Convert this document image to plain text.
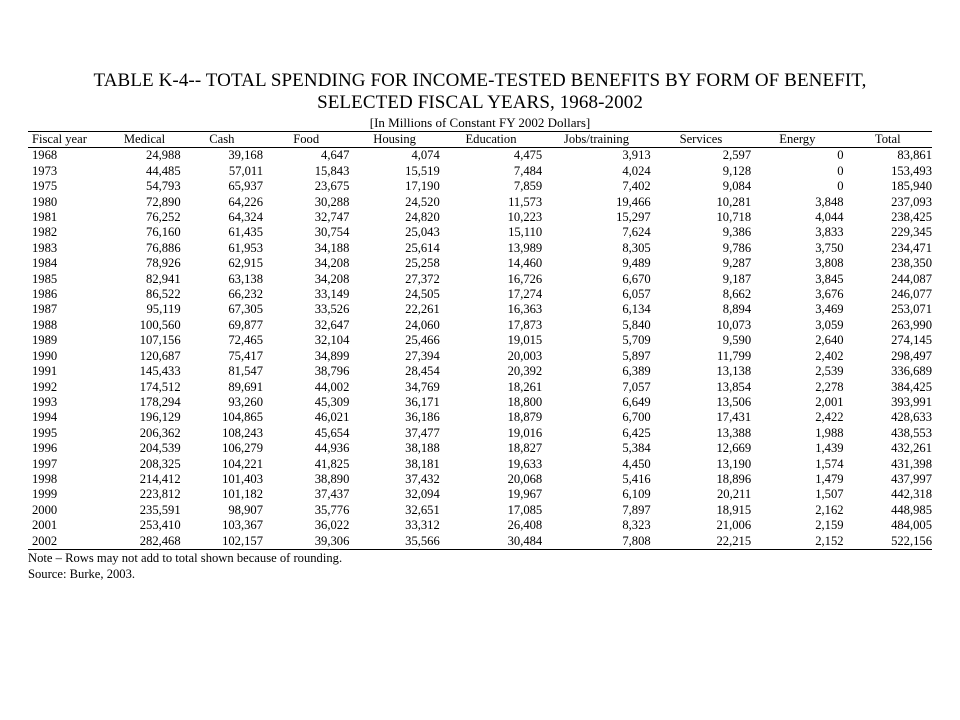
TABLE K-4-- TOTAL SPENDING FOR INCOME-TESTED BENEFITS BY FORM OF BENEFIT,
SELECTED FISCAL YEARS, 1968-2002
[In Millions of Constant FY 2002 Dollars]
Fiscal year	Medical	Cash	Food	Housing	Education	Jobs/training	Services	Energy	Total
1968	24,988	39,168	4,647	4,074	4,475	3,913	2,597	0	83,861
1973	44,485	57,011	15,843	15,519	7,484	4,024	9,128	0	153,493
1975	54,793	65,937	23,675	17,190	7,859	7,402	9,084	0	185,940
1980	72,890	64,226	30,288	24,520	11,573	19,466	10,281	3,848	237,093
1981	76,252	64,324	32,747	24,820	10,223	15,297	10,718	4,044	238,425
1982	76,160	61,435	30,754	25,043	15,110	7,624	9,386	3,833	229,345
1983	76,886	61,953	34,188	25,614	13,989	8,305	9,786	3,750	234,471
1984	78,926	62,915	34,208	25,258	14,460	9,489	9,287	3,808	238,350
1985	82,941	63,138	34,208	27,372	16,726	6,670	9,187	3,845	244,087
1986	86,522	66,232	33,149	24,505	17,274	6,057	8,662	3,676	246,077
1987	95,119	67,305	33,526	22,261	16,363	6,134	8,894	3,469	253,071
1988	100,560	69,877	32,647	24,060	17,873	5,840	10,073	3,059	263,990
1989	107,156	72,465	32,104	25,466	19,015	5,709	9,590	2,640	274,145
1990	120,687	75,417	34,899	27,394	20,003	5,897	11,799	2,402	298,497
1991	145,433	81,547	38,796	28,454	20,392	6,389	13,138	2,539	336,689
1992	174,512	89,691	44,002	34,769	18,261	7,057	13,854	2,278	384,425
1993	178,294	93,260	45,309	36,171	18,800	6,649	13,506	2,001	393,991
1994	196,129	104,865	46,021	36,186	18,879	6,700	17,431	2,422	428,633
1995	206,362	108,243	45,654	37,477	19,016	6,425	13,388	1,988	438,553
1996	204,539	106,279	44,936	38,188	18,827	5,384	12,669	1,439	432,261
1997	208,325	104,221	41,825	38,181	19,633	4,450	13,190	1,574	431,398
1998	214,412	101,403	38,890	37,432	20,068	5,416	18,896	1,479	437,997
1999	223,812	101,182	37,437	32,094	19,967	6,109	20,211	1,507	442,318
2000	235,591	98,907	35,776	32,651	17,085	7,897	18,915	2,162	448,985
2001	253,410	103,367	36,022	33,312	26,408	8,323	21,006	2,159	484,005
2002	282,468	102,157	39,306	35,566	30,484	7,808	22,215	2,152	522,156
Note – Rows may not add to total shown because of rounding.
Source: Burke, 2003.
